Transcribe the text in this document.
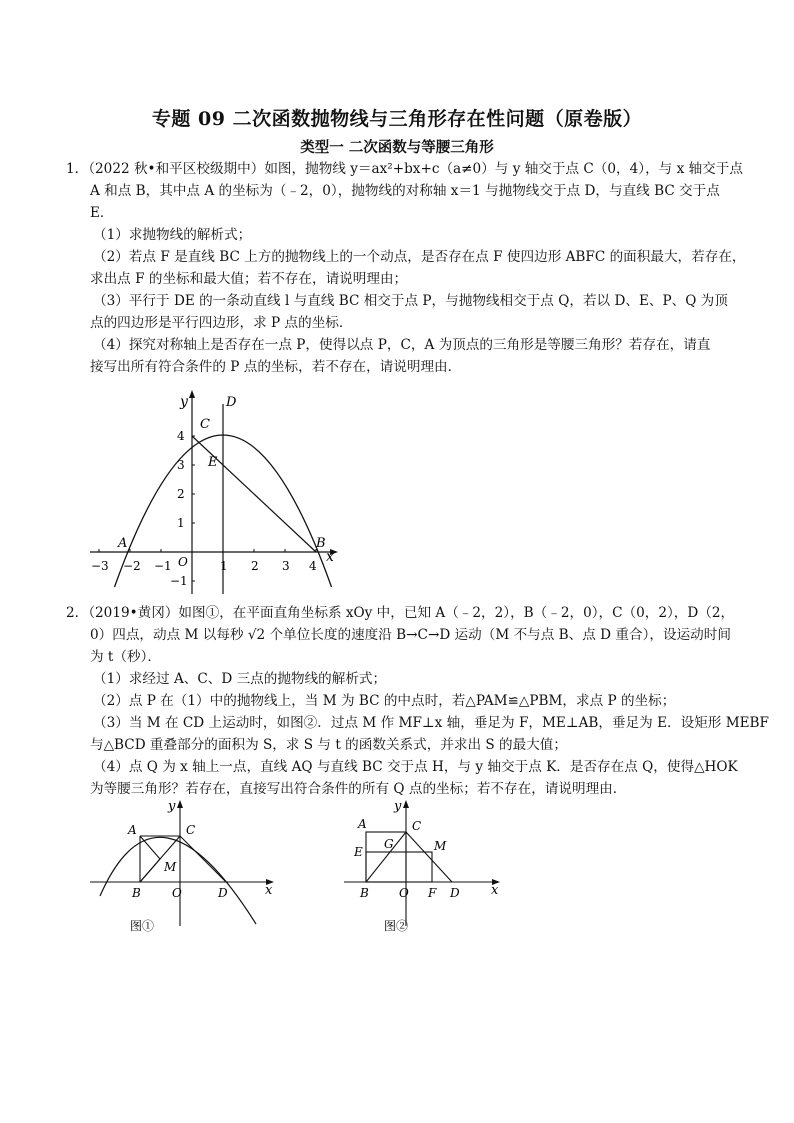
专题 09 二次函数抛物线与三角形存在性问题（原卷版）
类型一 二次函数与等腰三角形
1．（2022 秋•和平区校级期中）如图，抛物线 y＝ax²+bx+c（a≠0）与 y 轴交于点 C（0，4），与 x 轴交于点
A 和点 B，其中点 A 的坐标为（﹣2，0），抛物线的对称轴 x＝1 与抛物线交于点 D，与直线 BC 交于点
E．
（1）求抛物线的解析式；
（2）若点 F 是直线 BC 上方的抛物线上的一个动点，是否存在点 F 使四边形 ABFC 的面积最大，若存在，
求出点 F 的坐标和最大值；若不存在，请说明理由；
（3）平行于 DE 的一条动直线 l 与直线 BC 相交于点 P，与抛物线相交于点 Q，若以 D、E、P、Q 为顶
点的四边形是平行四边形，求 P 点的坐标．
（4）探究对称轴上是否存在一点 P，使得以点 P，C，A 为顶点的三角形是等腰三角形？若存在，请直
接写出所有符合条件的 P 点的坐标，若不存在，请说明理由．
y
x
−3 −2 −1	1 2 3 4
4
3
2
1
−1
O
A	B
C
D
E
2．（2019•黄冈）如图①，在平面直角坐标系 xOy 中，已知 A（﹣2，2），B（﹣2，0），C（0，2），D（2，
0）四点，动点 M 以每秒 √2 个单位长度的速度沿 B→C→D 运动（M 不与点 B、点 D 重合），设运动时间
为 t（秒）．
（1）求经过 A、C、D 三点的抛物线的解析式；
（2）点 P 在（1）中的抛物线上，当 M 为 BC 的中点时，若△PAM≌△PBM，求点 P 的坐标；
（3）当 M 在 CD 上运动时，如图②．过点 M 作 MF⊥x 轴，垂足为 F，ME⊥AB，垂足为 E．设矩形 MEBF
与△BCD 重叠部分的面积为 S，求 S 与 t 的函数关系式，并求出 S 的最大值；
（4）点 Q 为 x 轴上一点，直线 AQ 与直线 BC 交于点 H，与 y 轴交于点 K．是否存在点 Q，使得△HOK
为等腰三角形？若存在，直接写出符合条件的所有 Q 点的坐标；若不存在，请说明理由．
y
x
A	C
M
B	O	D
图①
y
x
A	C
G	M
E
B	O F D
图②
